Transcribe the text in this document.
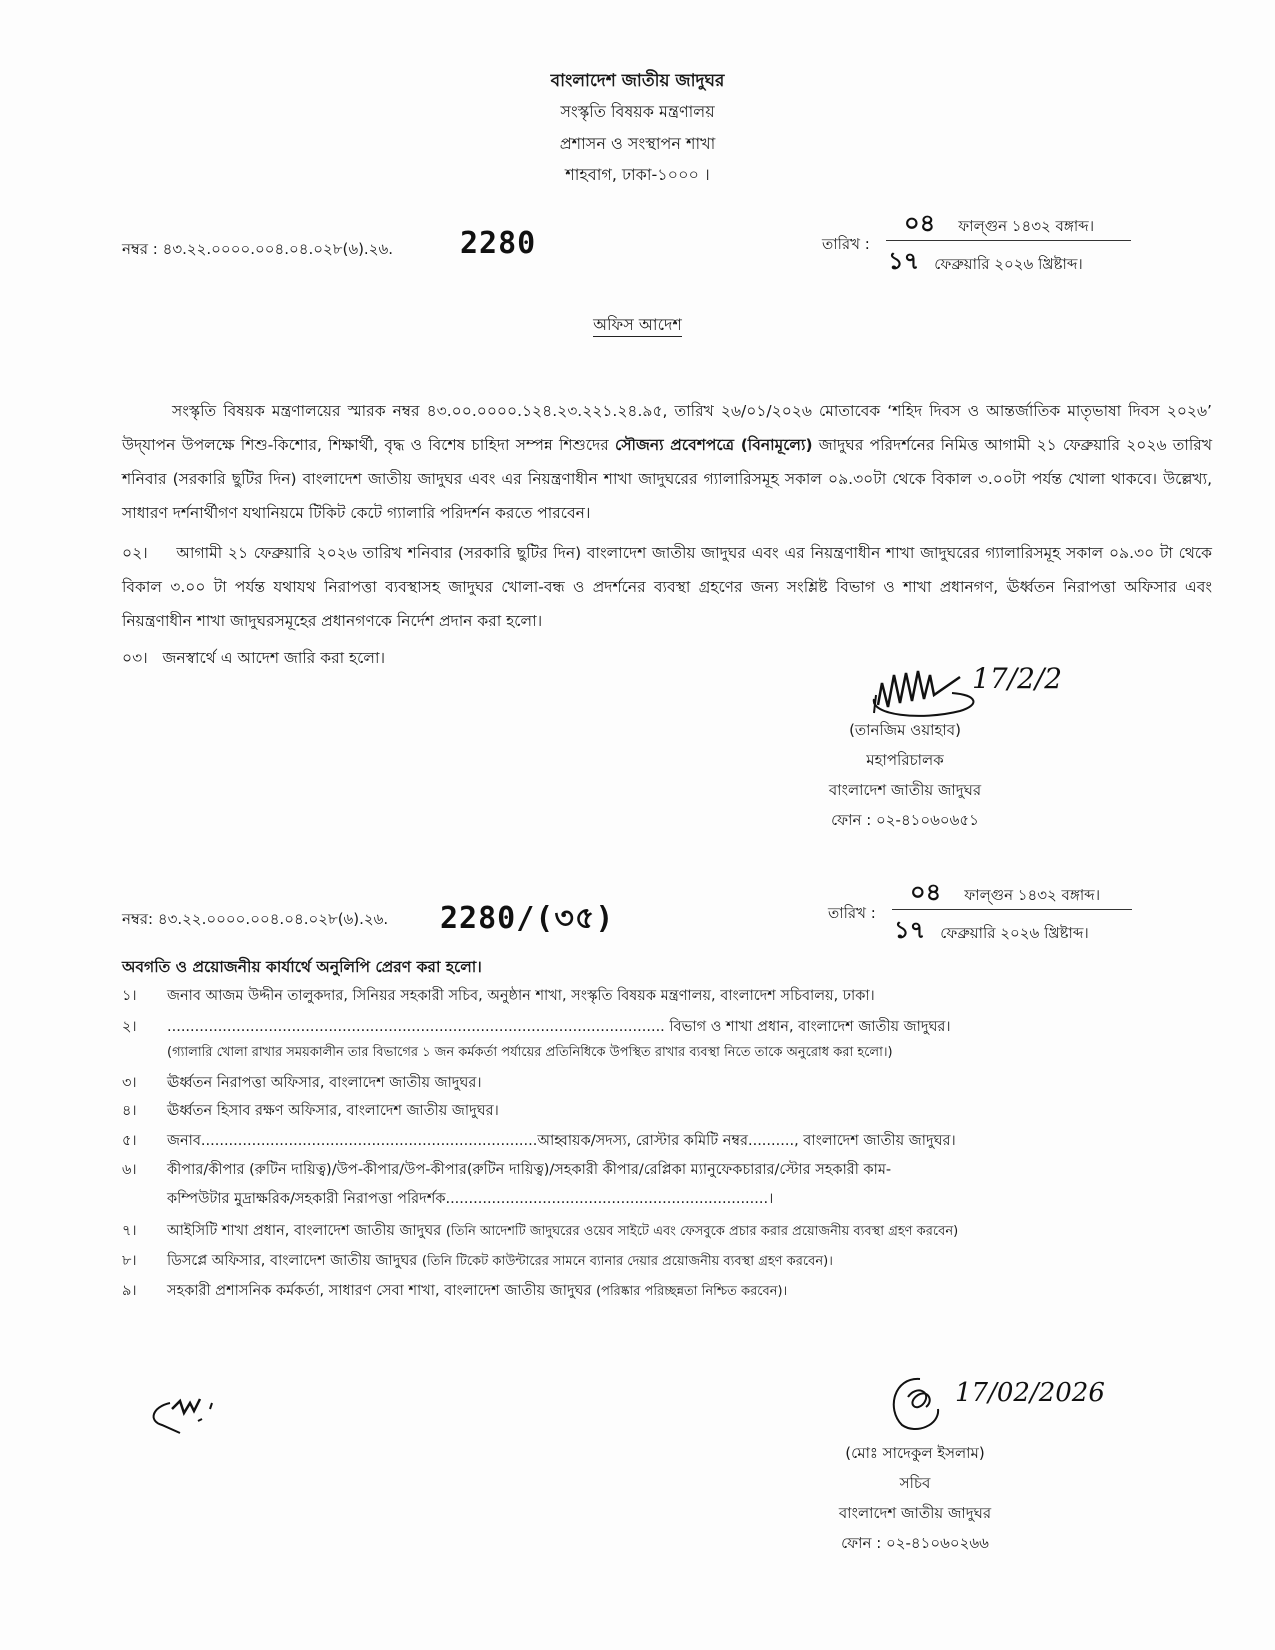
বাংলাদেশ জাতীয় জাদুঘর
সংস্কৃতি বিষয়ক মন্ত্রণালয়
প্রশাসন ও সংস্থাপন শাখা
শাহবাগ, ঢাকা-১০০০ ।
নম্বর : ৪৩.২২.০০০০.০০৪.০৪.০২৮(৬).২৬. 2280	তারিখ :
০৪ ফাল্গুন ১৪৩২ বঙ্গাব্দ।
১৭ ফেব্রুয়ারি ২০২৬ খ্রিষ্টাব্দ।
অফিস আদেশ
সংস্কৃতি বিষয়ক মন্ত্রণালয়ের স্মারক নম্বর ৪৩.০০.০০০০.১২৪.২৩.২২১.২৪.৯৫, তারিখ ২৬/০১/২০২৬ মোতাবেক ‘শহিদ দিবস ও আন্তর্জাতিক মাতৃভাষা দিবস ২০২৬’ উদ্‌যাপন উপলক্ষে শিশু-কিশোর, শিক্ষার্থী, বৃদ্ধ ও বিশেষ চাহিদা সম্পন্ন শিশুদের সৌজন্য প্রবেশপত্রে (বিনামূল্যে) জাদুঘর পরিদর্শনের নিমিত্ত আগামী ২১ ফেব্রুয়ারি ২০২৬ তারিখ শনিবার (সরকারি ছুটির দিন) বাংলাদেশ জাতীয় জাদুঘর এবং এর নিয়ন্ত্রণাধীন শাখা জাদুঘরের গ্যালারিসমূহ সকাল ০৯.৩০টা থেকে বিকাল ৩.০০টা পর্যন্ত খোলা থাকবে। উল্লেখ্য, সাধারণ দর্শনার্থীগণ যথানিয়মে টিকিট কেটে গ্যালারি পরিদর্শন করতে পারবেন।
০২। আগামী ২১ ফেব্রুয়ারি ২০২৬ তারিখ শনিবার (সরকারি ছুটির দিন) বাংলাদেশ জাতীয় জাদুঘর এবং এর নিয়ন্ত্রণাধীন শাখা জাদুঘরের গ্যালারিসমূহ সকাল ০৯.৩০ টা থেকে বিকাল ৩.০০ টা পর্যন্ত যথাযথ নিরাপত্তা ব্যবস্থাসহ জাদুঘর খোলা-বন্ধ ও প্রদর্শনের ব্যবস্থা গ্রহণের জন্য সংশ্লিষ্ট বিভাগ ও শাখা প্রধানগণ, ঊর্ধ্বতন নিরাপত্তা অফিসার এবং নিয়ন্ত্রণাধীন শাখা জাদুঘরসমূহের প্রধানগণকে নির্দেশ প্রদান করা হলো।
০৩। জনস্বার্থে এ আদেশ জারি করা হলো।
17/2/2
(তানজিম ওয়াহাব)
মহাপরিচালক
বাংলাদেশ জাতীয় জাদুঘর
ফোন : ০২-৪১০৬০৬৫১
নম্বর: ৪৩.২২.০০০০.০০৪.০৪.০২৮(৬).২৬. 2280/(৩৫)	তারিখ :
০৪ ফাল্গুন ১৪৩২ বঙ্গাব্দ।
১৭ ফেব্রুয়ারি ২০২৬ খ্রিষ্টাব্দ।
অবগতি ও প্রয়োজনীয় কার্যার্থে অনুলিপি প্রেরণ করা হলো।
১।	জনাব আজম উদ্দীন তালুকদার, সিনিয়র সহকারী সচিব, অনুষ্ঠান শাখা, সংস্কৃতি বিষয়ক মন্ত্রণালয়, বাংলাদেশ সচিবালয়, ঢাকা।
২।	............................................................................................................ বিভাগ ও শাখা প্রধান, বাংলাদেশ জাতীয় জাদুঘর।
(গ্যালারি খোলা রাখার সময়কালীন তার বিভাগের ১ জন কর্মকর্তা পর্যায়ের প্রতিনিধিকে উপস্থিত রাখার ব্যবস্থা নিতে তাকে অনুরোধ করা হলো।)
৩।	ঊর্ধ্বতন নিরাপত্তা অফিসার, বাংলাদেশ জাতীয় জাদুঘর।
৪।	ঊর্ধ্বতন হিসাব রক্ষণ অফিসার, বাংলাদেশ জাতীয় জাদুঘর।
৫।	জনাব.........................................................................আহ্বায়ক/সদস্য, রোস্টার কমিটি নম্বর.........., বাংলাদেশ জাতীয় জাদুঘর।
৬।	কীপার/কীপার (রুটিন দায়িত্ব)/উপ-কীপার/উপ-কীপার(রুটিন দায়িত্ব)/সহকারী কীপার/রেপ্লিকা ম্যানুফেকচারার/স্টোর সহকারী কাম-
কম্পিউটার মুদ্রাক্ষরিক/সহকারী নিরাপত্তা পরিদর্শক......................................................................।
৭।	আইসিটি শাখা প্রধান, বাংলাদেশ জাতীয় জাদুঘর (তিনি আদেশটি জাদুঘরের ওয়েব সাইটে এবং ফেসবুকে প্রচার করার প্রয়োজনীয় ব্যবস্থা গ্রহণ করবেন)
৮।	ডিসপ্লে অফিসার, বাংলাদেশ জাতীয় জাদুঘর (তিনি টিকেট কাউন্টারের সামনে ব্যানার দেয়ার প্রয়োজনীয় ব্যবস্থা গ্রহণ করবেন)।
৯।	সহকারী প্রশাসনিক কর্মকর্তা, সাধারণ সেবা শাখা, বাংলাদেশ জাতীয় জাদুঘর (পরিষ্কার পরিচ্ছন্নতা নিশ্চিত করবেন)।
17/02/2026
(মোঃ সাদেকুল ইসলাম)
সচিব
বাংলাদেশ জাতীয় জাদুঘর
ফোন : ০২-৪১০৬০২৬৬
